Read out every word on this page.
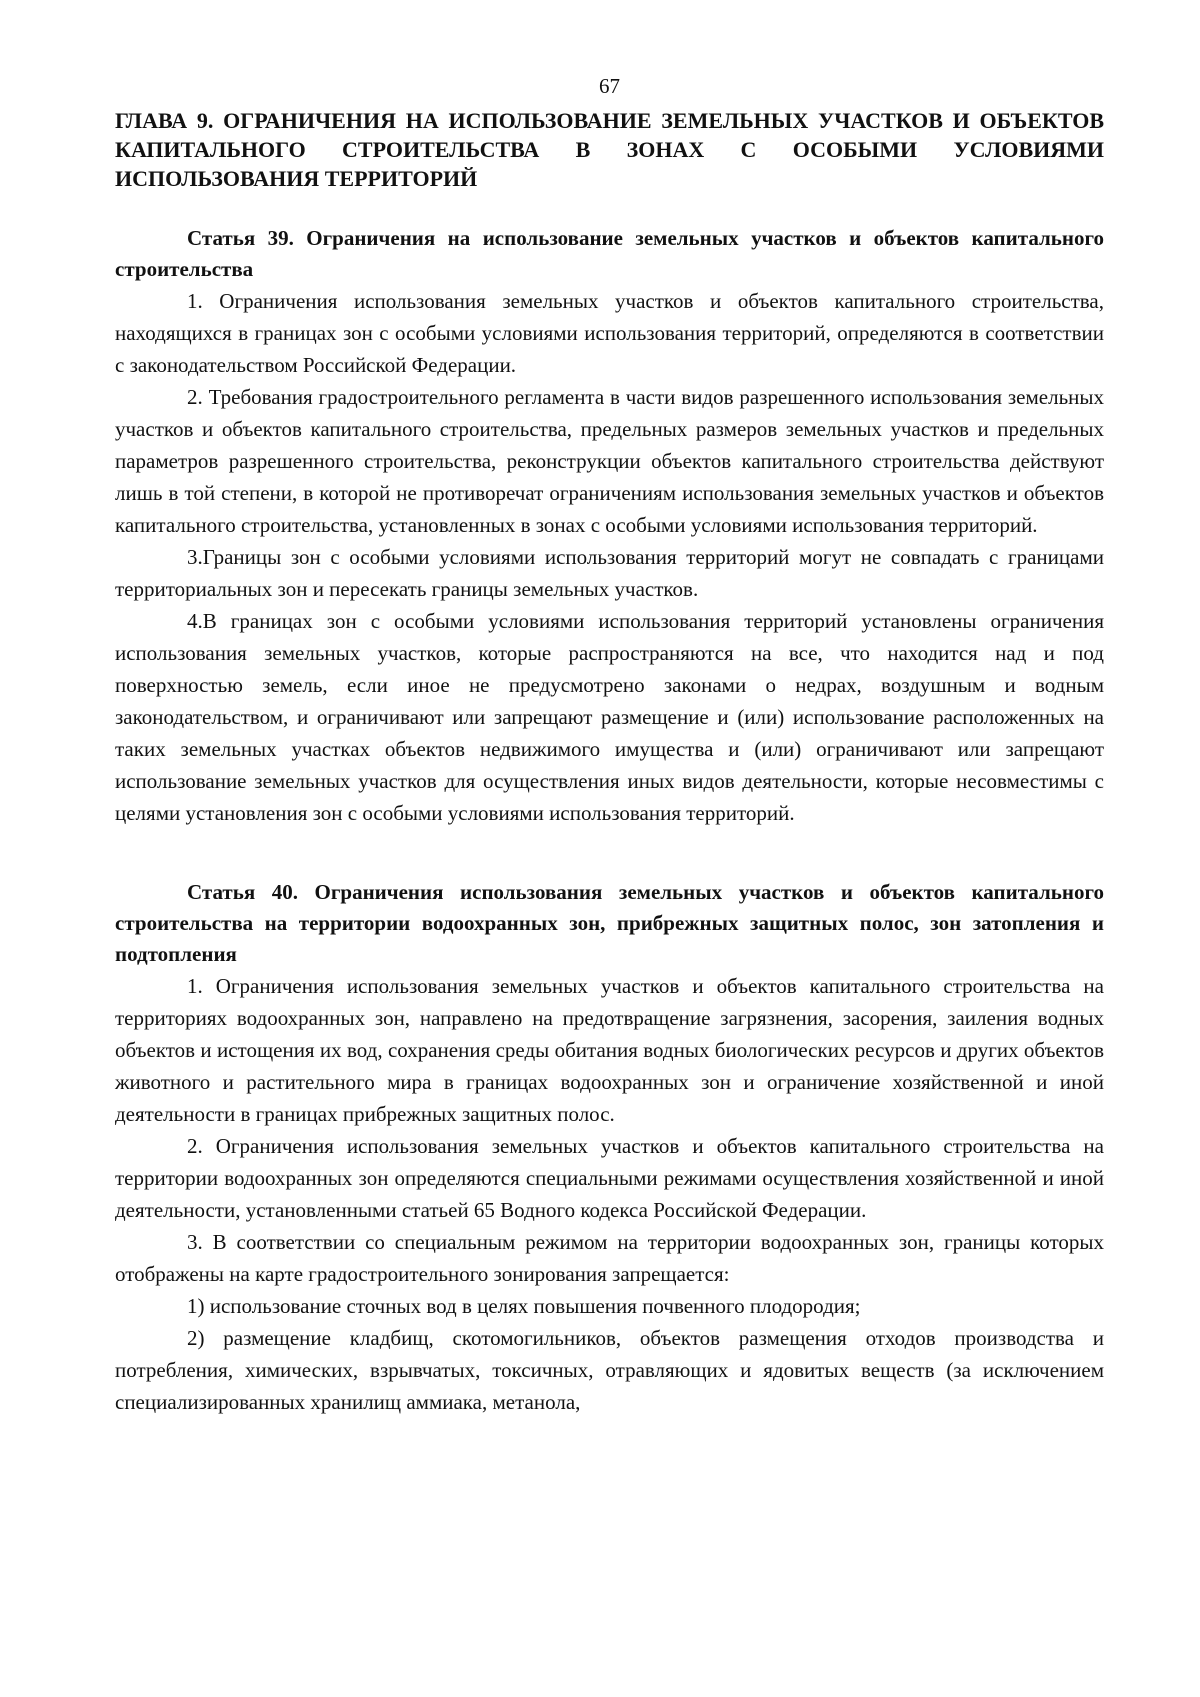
67
ГЛАВА 9. ОГРАНИЧЕНИЯ НА ИСПОЛЬЗОВАНИЕ ЗЕМЕЛЬНЫХ УЧАСТКОВ И ОБЪЕКТОВ КАПИТАЛЬНОГО СТРОИТЕЛЬСТВА В ЗОНАХ С ОСОБЫМИ УСЛОВИЯМИ ИСПОЛЬЗОВАНИЯ ТЕРРИТОРИЙ
Статья 39. Ограничения на использование земельных участков и объектов капитального строительства
1. Ограничения использования земельных участков и объектов капитального строительства, находящихся в границах зон с особыми условиями использования территорий, определяются в соответствии с законодательством Российской Федерации.
2. Требования градостроительного регламента в части видов разрешенного использования земельных участков и объектов капитального строительства, предельных размеров земельных участков и предельных параметров разрешенного строительства, реконструкции объектов капитального строительства действуют лишь в той степени, в которой не противоречат ограничениям использования земельных участков и объектов капитального строительства, установленных в зонах с особыми условиями использования территорий.
3.Границы зон с особыми условиями использования территорий могут не совпадать с границами территориальных зон и пересекать границы земельных участков.
4.В границах зон с особыми условиями использования территорий установлены ограничения использования земельных участков, которые распространяются на все, что находится над и под поверхностью земель, если иное не предусмотрено законами о недрах, воздушным и водным законодательством, и ограничивают или запрещают размещение и (или) использование расположенных на таких земельных участках объектов недвижимого имущества и (или) ограничивают или запрещают использование земельных участков для осуществления иных видов деятельности, которые несовместимы с целями установления зон с особыми условиями использования территорий.
Статья 40. Ограничения использования земельных участков и объектов капитального строительства на территории водоохранных зон, прибрежных защитных полос, зон затопления и подтопления
1. Ограничения использования земельных участков и объектов капитального строительства на территориях водоохранных зон, направлено на предотвращение загрязнения, засорения, заиления водных объектов и истощения их вод, сохранения среды обитания водных биологических ресурсов и других объектов животного и растительного мира в границах водоохранных зон и ограничение хозяйственной и иной деятельности в границах прибрежных защитных полос.
2. Ограничения использования земельных участков и объектов капитального строительства на территории водоохранных зон определяются специальными режимами осуществления хозяйственной и иной деятельности, установленными статьей 65 Водного кодекса Российской Федерации.
3. В соответствии со специальным режимом на территории водоохранных зон, границы которых отображены на карте градостроительного зонирования запрещается:
1) использование сточных вод в целях повышения почвенного плодородия;
2) размещение кладбищ, скотомогильников, объектов размещения отходов производства и потребления, химических, взрывчатых, токсичных, отравляющих и ядовитых веществ (за исключением специализированных хранилищ аммиака, метанола,
